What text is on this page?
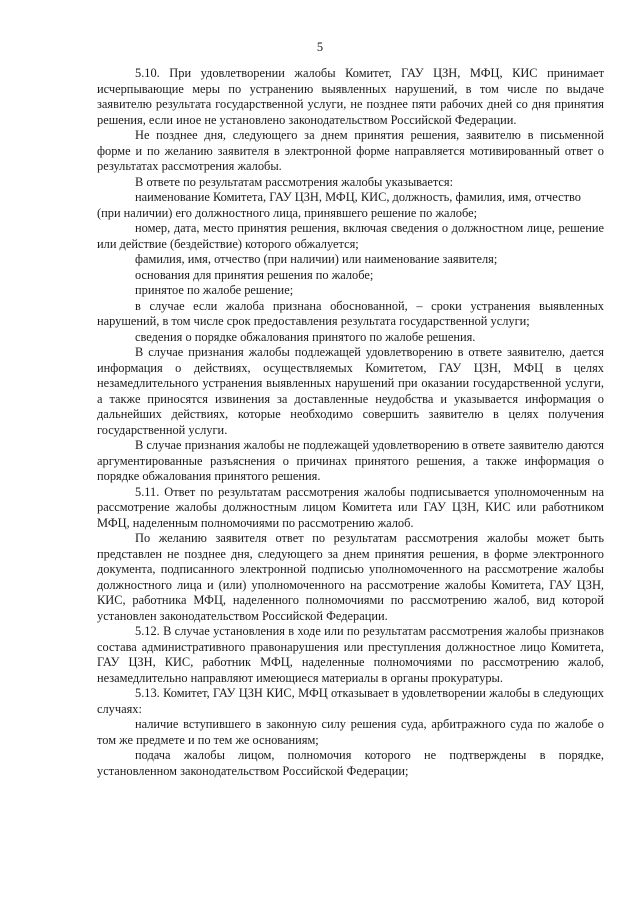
5

5.10. При удовлетворении жалобы Комитет, ГАУ ЦЗН, МФЦ, КИС принимает исчерпывающие меры по устранению выявленных нарушений, в том числе по выдаче заявителю результата государственной услуги, не позднее пяти рабочих дней со дня принятия решения, если иное не установлено законодательством Российской Федерации.

Не позднее дня, следующего за днем принятия решения, заявителю в письменной форме и по желанию заявителя в электронной форме направляется мотивированный ответ о результатах рассмотрения жалобы.

В ответе по результатам рассмотрения жалобы указывается:

наименование Комитета, ГАУ ЦЗН, МФЦ, КИС, должность, фамилия, имя, отчество

(при наличии) его должностного лица, принявшего решение по жалобе;

номер, дата, место принятия решения, включая сведения о должностном лице, решение или действие (бездействие) которого обжалуется;

фамилия, имя, отчество (при наличии) или наименование заявителя;

основания для принятия решения по жалобе;

принятое по жалобе решение;

в случае если жалоба признана обоснованной, – сроки устранения выявленных нарушений, в том числе срок предоставления результата государственной услуги;

сведения о порядке обжалования принятого по жалобе решения.

В случае признания жалобы подлежащей удовлетворению в ответе заявителю, дается информация о действиях, осуществляемых Комитетом, ГАУ ЦЗН, МФЦ в целях незамедлительного устранения выявленных нарушений при оказании государственной услуги, а также приносятся извинения за доставленные неудобства и указывается информация о дальнейших действиях, которые необходимо совершить заявителю в целях получения государственной услуги.

В случае признания жалобы не подлежащей удовлетворению в ответе заявителю даются аргументированные разъяснения о причинах принятого решения, а также информация о порядке обжалования принятого решения.

5.11. Ответ по результатам рассмотрения жалобы подписывается уполномоченным на рассмотрение жалобы должностным лицом Комитета или ГАУ ЦЗН, КИС или работником МФЦ, наделенным полномочиями по рассмотрению жалоб.

По желанию заявителя ответ по результатам рассмотрения жалобы может быть представлен не позднее дня, следующего за днем принятия решения, в форме электронного документа, подписанного электронной подписью уполномоченного на рассмотрение жалобы должностного лица и (или) уполномоченного на рассмотрение жалобы Комитета, ГАУ ЦЗН, КИС, работника МФЦ, наделенного полномочиями по рассмотрению жалоб, вид которой установлен законодательством Российской Федерации.

5.12. В случае установления в ходе или по результатам рассмотрения жалобы признаков состава административного правонарушения или преступления должностное лицо Комитета, ГАУ ЦЗН, КИС, работник МФЦ, наделенные полномочиями по рассмотрению жалоб, незамедлительно направляют имеющиеся материалы в органы прокуратуры.

5.13. Комитет, ГАУ ЦЗН КИС, МФЦ отказывает в удовлетворении жалобы в следующих случаях:

наличие вступившего в законную силу решения суда, арбитражного суда по жалобе о том же предмете и по тем же основаниям;

подача жалобы лицом, полномочия которого не подтверждены в порядке, установленном законодательством Российской Федерации;
